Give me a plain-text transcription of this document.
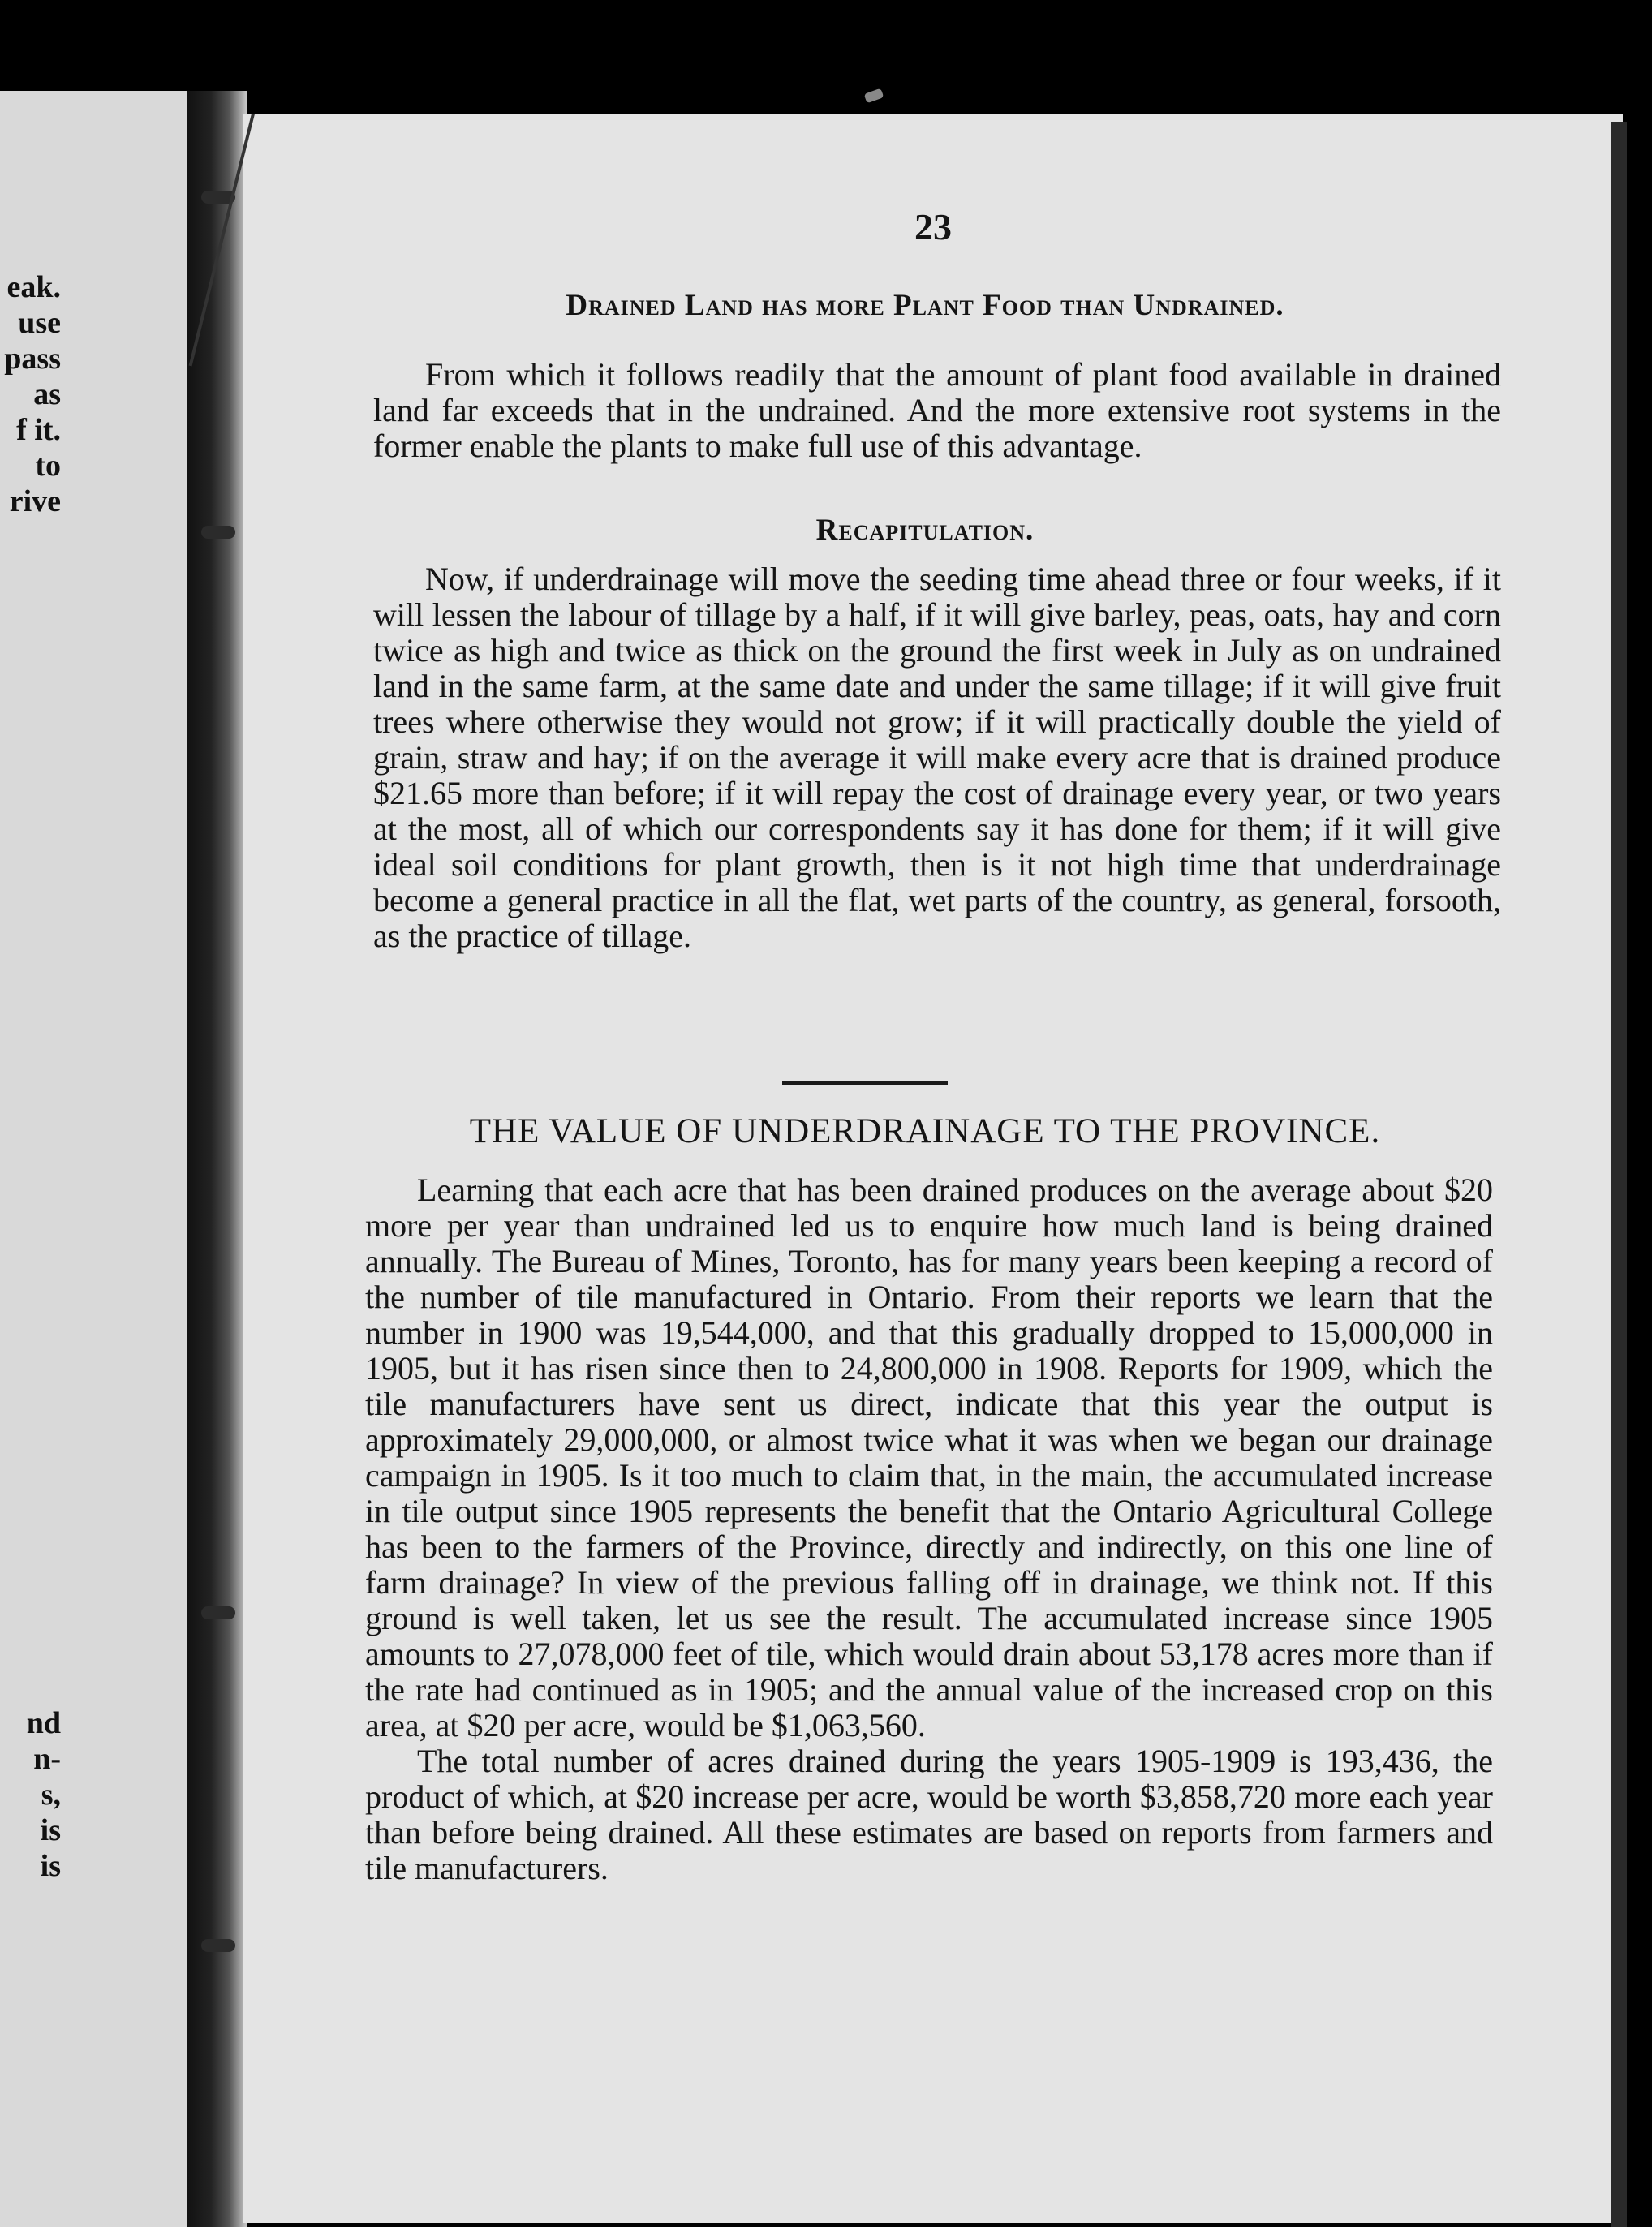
eak.
use
pass
as
f it.
to
rive
nd
n-
s,
is
is
23
Drained Land has more Plant Food than Undrained.

From which it follows readily that the amount of plant food available in drained land far exceeds that in the undrained. And the more extensive root systems in the former enable the plants to make full use of this advantage.

Recapitulation.

Now, if underdrainage will move the seeding time ahead three or four weeks, if it will lessen the labour of tillage by a half, if it will give barley, peas, oats, hay and corn twice as high and twice as thick on the ground the first week in July as on undrained land in the same farm, at the same date and under the same tillage; if it will give fruit trees where otherwise they would not grow; if it will practically double the yield of grain, straw and hay; if on the average it will make every acre that is drained produce $21.65 more than before; if it will repay the cost of drainage every year, or two years at the most, all of which our correspondents say it has done for them; if it will give ideal soil conditions for plant growth, then is it not high time that underdrainage become a general practice in all the flat, wet parts of the country, as general, forsooth, as the practice of tillage.

THE VALUE OF UNDERDRAINAGE TO THE PROVINCE.

Learning that each acre that has been drained produces on the average about $20 more per year than undrained led us to enquire how much land is being drained annually. The Bureau of Mines, Toronto, has for many years been keeping a record of the number of tile manufactured in Ontario. From their reports we learn that the number in 1900 was 19,544,000, and that this gradually dropped to 15,000,000 in 1905, but it has risen since then to 24,800,000 in 1908. Reports for 1909, which the tile manufacturers have sent us direct, indicate that this year the output is approximately 29,000,000, or almost twice what it was when we began our drainage campaign in 1905. Is it too much to claim that, in the main, the accumulated increase in tile output since 1905 represents the benefit that the Ontario Agricultural College has been to the farmers of the Province, directly and indirectly, on this one line of farm drainage? In view of the previous falling off in drainage, we think not. If this ground is well taken, let us see the result. The accumulated increase since 1905 amounts to 27,078,000 feet of tile, which would drain about 53,178 acres more than if the rate had continued as in 1905; and the annual value of the increased crop on this area, at $20 per acre, would be $1,063,560.

The total number of acres drained during the years 1905-1909 is 193,436, the product of which, at $20 increase per acre, would be worth $3,858,720 more each year than before being drained. All these estimates are based on reports from farmers and tile manufacturers.
